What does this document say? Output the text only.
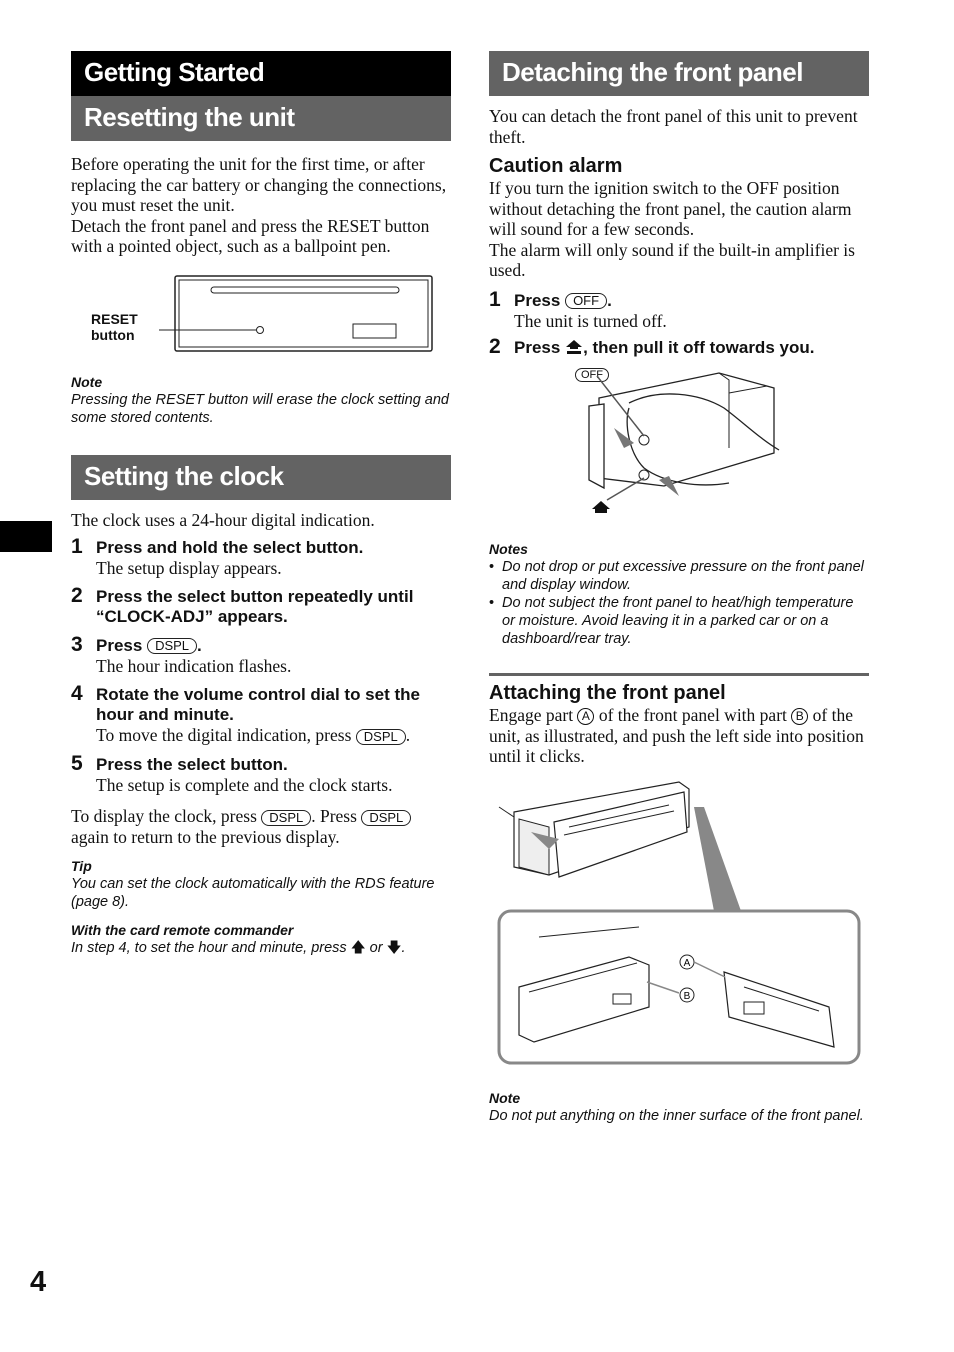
Getting Started
Resetting the unit

Before operating the unit for the first time, or after replacing the car battery or changing the connections, you must reset the unit.

Detach the front panel and press the RESET button with a pointed object, such as a ballpoint pen.

RESET
button
Note
Pressing the RESET button will erase the clock setting and some stored contents.
Setting the clock

The clock uses a 24-hour digital indication.

1 Press and hold the select button.
The setup display appears.
2 Press the select button repeatedly until “CLOCK-ADJ” appears.
3 Press DSPL .
The hour indication flashes.
4 Rotate the volume control dial to set the hour and minute.
To move the digital indication, press DSPL .
5 Press the select button.
The setup is complete and the clock starts.

To display the clock, press DSPL . Press DSPL again to return to the previous display.

Tip
You can set the clock automatically with the RDS feature (page 8).
With the card remote commander
In step 4, to set the hour and minute, press 🡅 or 🡇.
Detaching the front panel

You can detach the front panel of this unit to prevent theft.

Caution alarm

If you turn the ignition switch to the OFF position without detaching the front panel, the caution alarm will sound for a few seconds.

The alarm will only sound if the built-in amplifier is used.

1 Press OFF .
The unit is turned off.
2 Press , then pull it off towards you.
OFF
Notes
• Do not drop or put excessive pressure on the front panel and display window.
• Do not subject the front panel to heat/high temperature or moisture. Avoid leaving it in a parked car or on a dashboard/rear tray.
Attaching the front panel

Engage part A of the front panel with part B of the unit, as illustrated, and push the left side into position until it clicks.

A
B
Note
Do not put anything on the inner surface of the front panel.
4
